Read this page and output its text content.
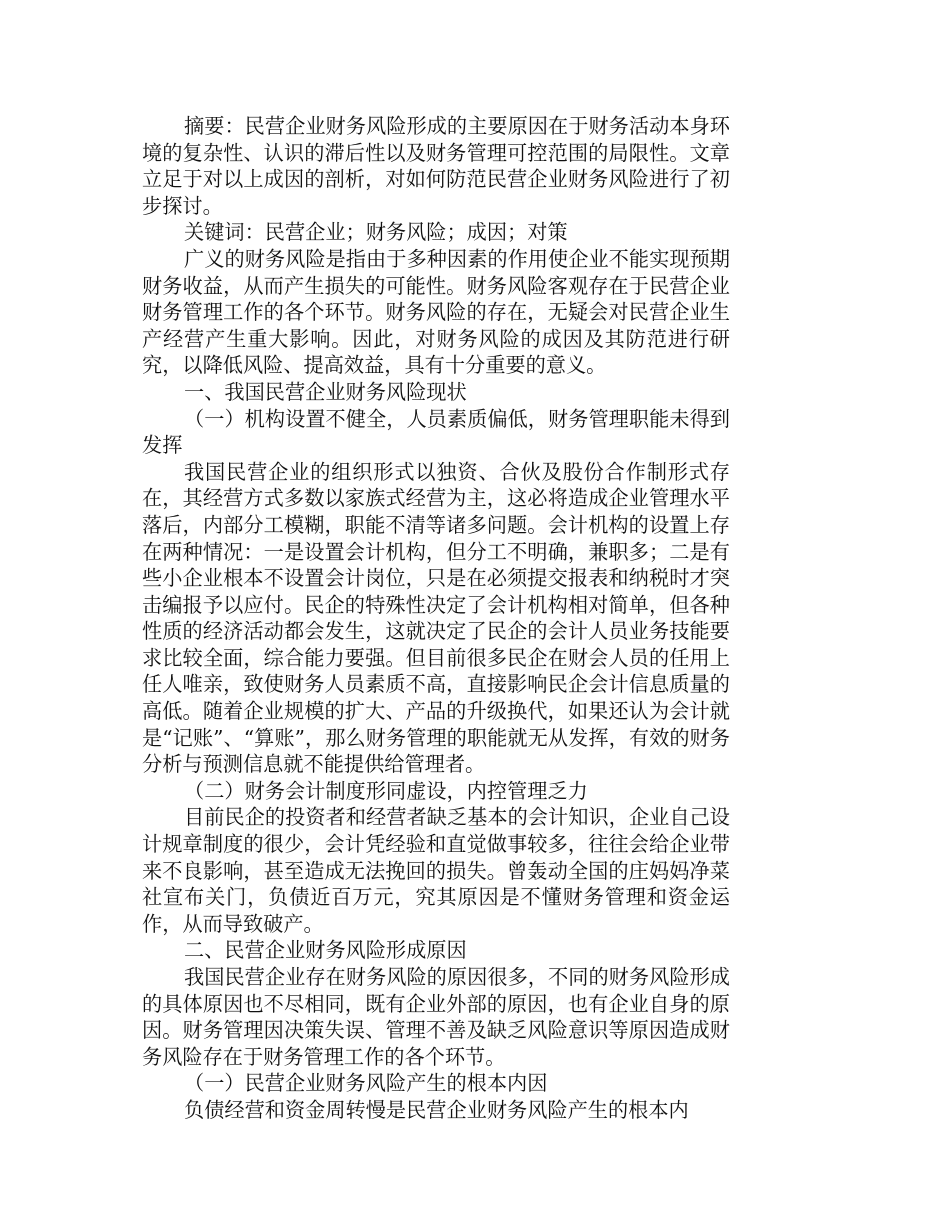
摘要：民营企业财务风险形成的主要原因在于财务活动本身环境的复杂性、认识的滞后性以及财务管理可控范围的局限性。文章立足于对以上成因的剖析，对如何防范民营企业财务风险进行了初步探讨。

关键词：民营企业；财务风险；成因；对策

广义的财务风险是指由于多种因素的作用使企业不能实现预期财务收益，从而产生损失的可能性。财务风险客观存在于民营企业财务管理工作的各个环节。财务风险的存在，无疑会对民营企业生产经营产生重大影响。因此，对财务风险的成因及其防范进行研究，以降低风险、提高效益，具有十分重要的意义。

一、我国民营企业财务风险现状

（一）机构设置不健全，人员素质偏低，财务管理职能未得到发挥

我国民营企业的组织形式以独资、合伙及股份合作制形式存在，其经营方式多数以家族式经营为主，这必将造成企业管理水平落后，内部分工模糊，职能不清等诸多问题。会计机构的设置上存在两种情况：一是设置会计机构，但分工不明确，兼职多；二是有些小企业根本不设置会计岗位，只是在必须提交报表和纳税时才突击编报予以应付。民企的特殊性决定了会计机构相对简单，但各种性质的经济活动都会发生，这就决定了民企的会计人员业务技能要求比较全面，综合能力要强。但目前很多民企在财会人员的任用上任人唯亲，致使财务人员素质不高，直接影响民企会计信息质量的高低。随着企业规模的扩大、产品的升级换代，如果还认为会计就是“记账”、“算账”，那么财务管理的职能就无从发挥，有效的财务分析与预测信息就不能提供给管理者。

（二）财务会计制度形同虚设，内控管理乏力

目前民企的投资者和经营者缺乏基本的会计知识，企业自己设计规章制度的很少，会计凭经验和直觉做事较多，往往会给企业带来不良影响，甚至造成无法挽回的损失。曾轰动全国的庄妈妈净菜社宣布关门，负债近百万元，究其原因是不懂财务管理和资金运作，从而导致破产。

二、民营企业财务风险形成原因

我国民营企业存在财务风险的原因很多，不同的财务风险形成的具体原因也不尽相同，既有企业外部的原因，也有企业自身的原因。财务管理因决策失误、管理不善及缺乏风险意识等原因造成财务风险存在于财务管理工作的各个环节。

（一）民营企业财务风险产生的根本内因

负债经营和资金周转慢是民营企业财务风险产生的根本内
